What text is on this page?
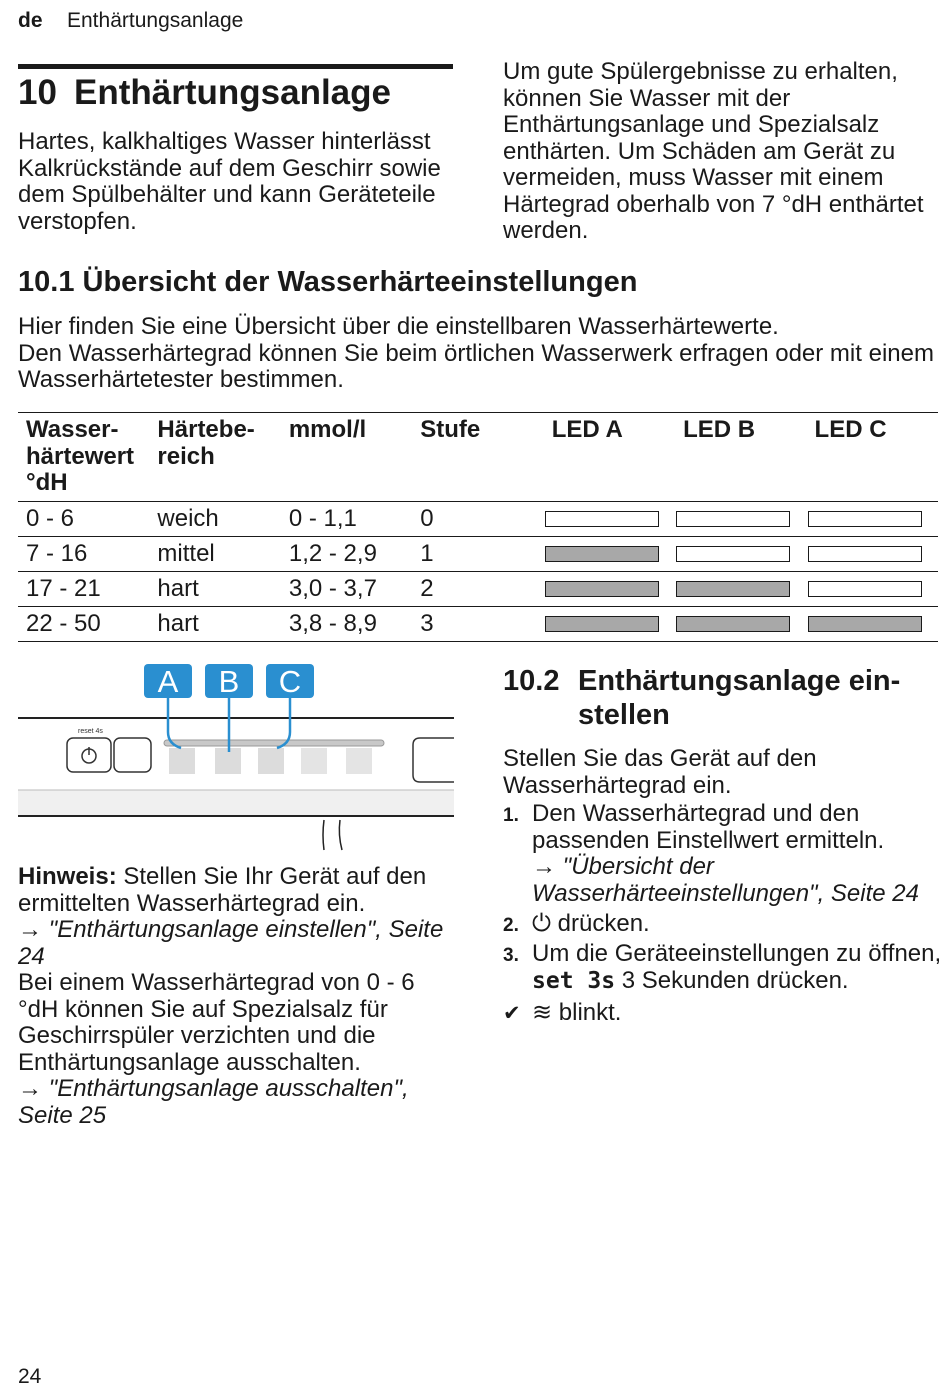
de Enthärtungsanlage
10 Enthärtungsanlage
Hartes, kalkhaltiges Wasser hinterlässt Kalkrückstände auf dem Geschirr sowie dem Spülbehälter und kann Geräteteile verstopfen.
Um gute Spülergebnisse zu erhalten, können Sie Wasser mit der Enthärtungsanlage und Spezialsalz enthärten. Um Schäden am Gerät zu vermeiden, muss Wasser mit einem Härtegrad oberhalb von 7 °dH enthärtet werden.
10.1 Übersicht der Wasserhärteeinstellungen
Hier finden Sie eine Übersicht über die einstellbaren Wasserhärtewerte.
Den Wasserhärtegrad können Sie beim örtlichen Wasserwerk erfragen oder mit einem Wasserhärtetester bestimmen.
Wasser-härtewert °dH	Härtebe-reich	mmol/l	Stufe	LED A	LED B	LED C
0 - 6	weich	0 - 1,1	0	

7 - 16	mittel	1,2 - 2,9	1	

17 - 21	hart	3,0 - 3,7	2	

22 - 50	hart	3,8 - 8,9	3	

A B C
reset 4s
Hinweis: Stellen Sie Ihr Gerät auf den ermittelten Wasserhärtegrad ein.
→ "Enthärtungsanlage einstellen", Seite 24
Bei einem Wasserhärtegrad von 0 - 6 °dH können Sie auf Spezialsalz für Geschirrspüler verzichten und die Enthärtungsanlage ausschalten.
→ "Enthärtungsanlage ausschalten", Seite 25
10.2 Enthärtungsanlage ein-
stellen
Stellen Sie das Gerät auf den Wasserhärtegrad ein.
1. Den Wasserhärtegrad und den passenden Einstellwert ermitteln.
→ "Übersicht der Wasserhärteeinstellungen", Seite 24
2. ⏻ drücken.
3. Um die Geräteeinstellungen zu öffnen, set 3s 3 Sekunden drücken.
✔ ≋ blinkt.
24
